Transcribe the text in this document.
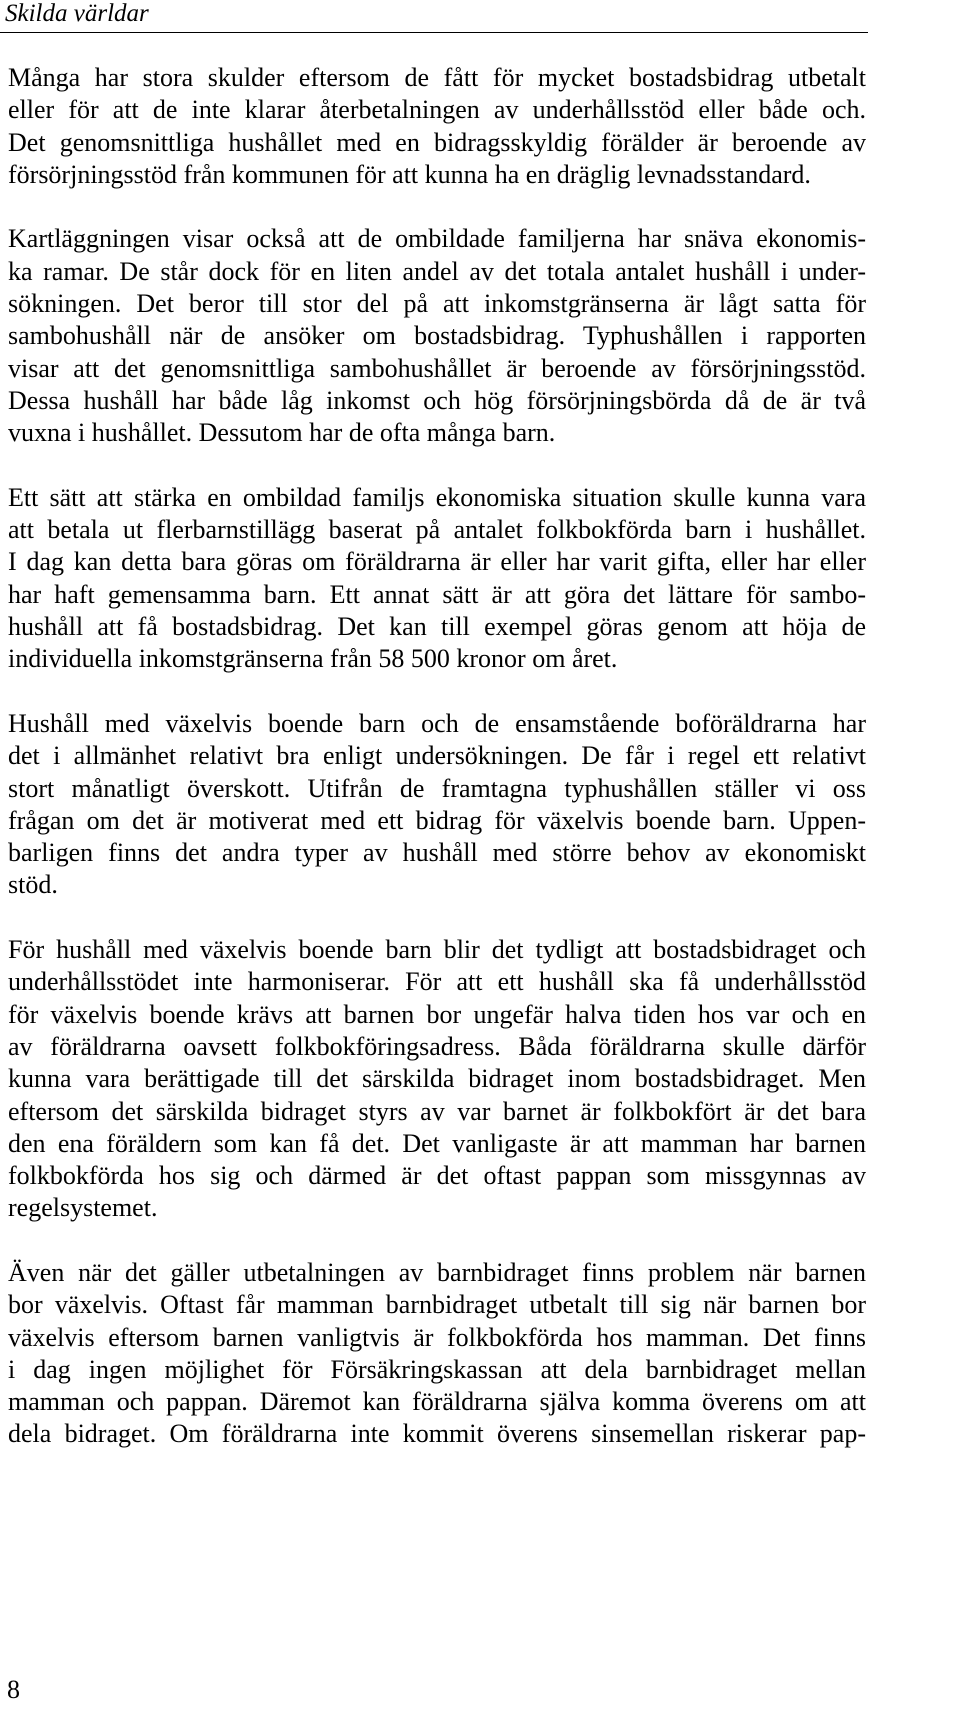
Skilda världar
Många har stora skulder eftersom de fått för mycket bostadsbidrag utbetalt
eller för att de inte klarar återbetalningen av underhållsstöd eller både och.
Det genomsnittliga hushållet med en bidragsskyldig förälder är beroende av
försörjningsstöd från kommunen för att kunna ha en dräglig levnadsstandard.
Kartläggningen visar också att de ombildade familjerna har snäva ekonomis-
ka ramar. De står dock för en liten andel av det totala antalet hushåll i under-
sökningen. Det beror till stor del på att inkomstgränserna är lågt satta för
sambohushåll när de ansöker om bostadsbidrag. Typhushållen i rapporten
visar att det genomsnittliga sambohushållet är beroende av försörjningsstöd.
Dessa hushåll har både låg inkomst och hög försörjningsbörda då de är två
vuxna i hushållet. Dessutom har de ofta många barn.
Ett sätt att stärka en ombildad familjs ekonomiska situation skulle kunna vara
att betala ut flerbarnstillägg baserat på antalet folkbokförda barn i hushållet.
I dag kan detta bara göras om föräldrarna är eller har varit gifta, eller har eller
har haft gemensamma barn. Ett annat sätt är att göra det lättare för sambo-
hushåll att få bostadsbidrag. Det kan till exempel göras genom att höja de
individuella inkomstgränserna från 58 500 kronor om året.
Hushåll med växelvis boende barn och de ensamstående boföräldrarna har
det i allmänhet relativt bra enligt undersökningen. De får i regel ett relativt
stort månatligt överskott. Utifrån de framtagna typhushållen ställer vi oss
frågan om det är motiverat med ett bidrag för växelvis boende barn. Uppen-
barligen finns det andra typer av hushåll med större behov av ekonomiskt
stöd.
För hushåll med växelvis boende barn blir det tydligt att bostadsbidraget och
underhållsstödet inte harmoniserar. För att ett hushåll ska få underhållsstöd
för växelvis boende krävs att barnen bor ungefär halva tiden hos var och en
av föräldrarna oavsett folkbokföringsadress. Båda föräldrarna skulle därför
kunna vara berättigade till det särskilda bidraget inom bostadsbidraget. Men
eftersom det särskilda bidraget styrs av var barnet är folkbokfört är det bara
den ena föräldern som kan få det. Det vanligaste är att mamman har barnen
folkbokförda hos sig och därmed är det oftast pappan som missgynnas av
regelsystemet.
Även när det gäller utbetalningen av barnbidraget finns problem när barnen
bor växelvis. Oftast får mamman barnbidraget utbetalt till sig när barnen bor
växelvis eftersom barnen vanligtvis är folkbokförda hos mamman. Det finns
i dag ingen möjlighet för Försäkringskassan att dela barnbidraget mellan
mamman och pappan. Däremot kan föräldrarna själva komma överens om att
dela bidraget. Om föräldrarna inte kommit överens sinsemellan riskerar pap-
8
